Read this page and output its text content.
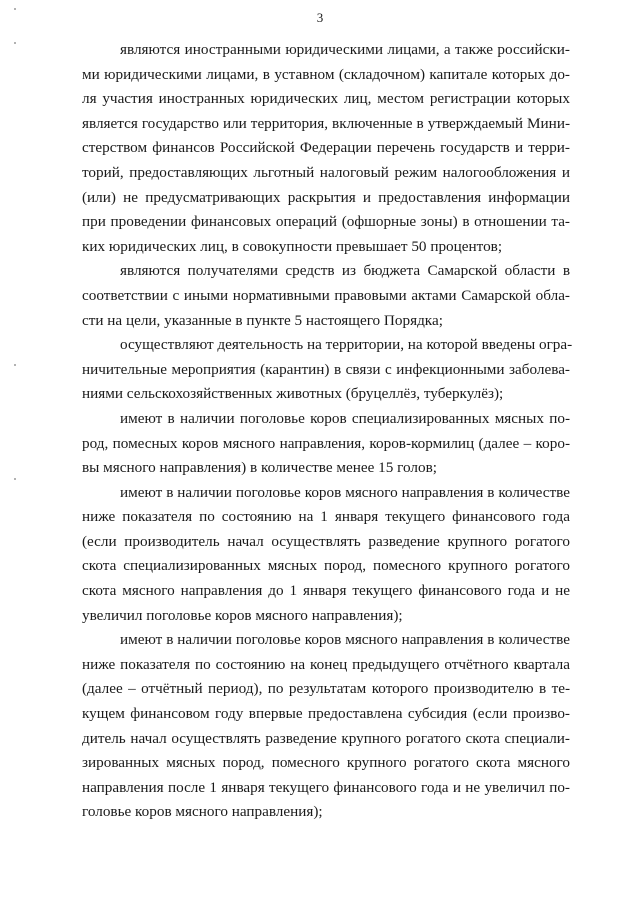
3

являются иностранными юридическими лицами, а также российски-
ми юридическими лицами, в уставном (складочном) капитале которых до-
ля участия иностранных юридических лиц, местом регистрации которых
является государство или территория, включенные в утверждаемый Мини-
стерством финансов Российской Федерации перечень государств и терри-
торий, предоставляющих льготный налоговый режим налогообложения и
(или) не предусматривающих раскрытия и предоставления информации
при проведении финансовых операций (офшорные зоны) в отношении та-
ких юридических лиц, в совокупности превышает 50 процентов;

являются получателями средств из бюджета Самарской области в
соответствии с иными нормативными правовыми актами Самарской обла-
сти на цели, указанные в пункте 5 настоящего Порядка;

осуществляют деятельность на территории, на которой введены огра-
ничительные мероприятия (карантин) в связи с инфекционными заболева-
ниями сельскохозяйственных животных (бруцеллёз, туберкулёз);

имеют в наличии поголовье коров специализированных мясных по-
род, помесных коров мясного направления, коров-кормилиц (далее – коро-
вы мясного направления) в количестве менее 15 голов;

имеют в наличии поголовье коров мясного направления в количестве
ниже показателя по состоянию на 1 января текущего финансового года
(если производитель начал осуществлять разведение крупного рогатого
скота специализированных мясных пород, помесного крупного рогатого
скота мясного направления до 1 января текущего финансового года и не
увеличил поголовье коров мясного направления);

имеют в наличии поголовье коров мясного направления в количестве
ниже показателя по состоянию на конец предыдущего отчётного квартала
(далее – отчётный период), по результатам которого производителю в те-
кущем финансовом году впервые предоставлена субсидия (если произво-
дитель начал осуществлять разведение крупного рогатого скота специали-
зированных мясных пород, помесного крупного рогатого скота мясного
направления после 1 января текущего финансового года и не увеличил по-
головье коров мясного направления);
